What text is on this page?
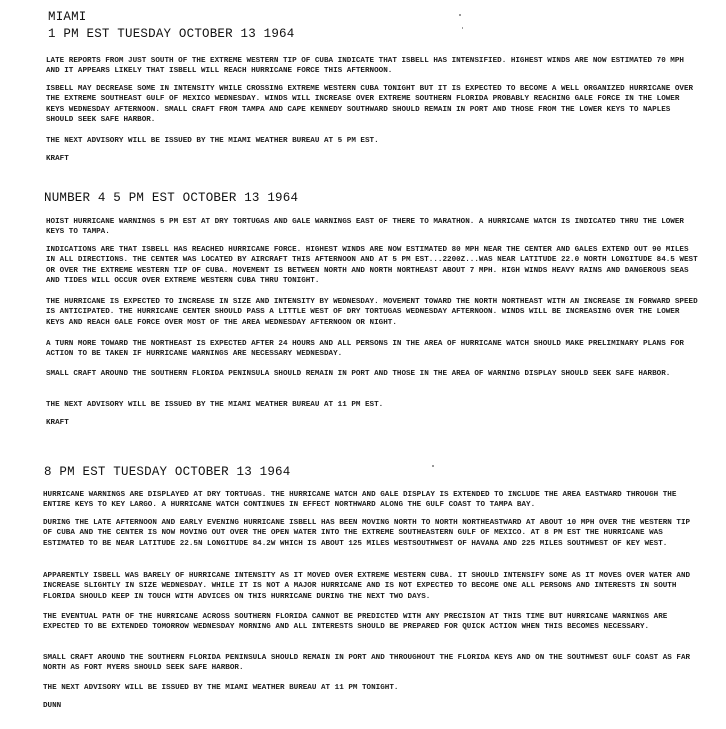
MIAMI
1 PM EST TUESDAY OCTOBER 13 1964

LATE REPORTS FROM JUST SOUTH OF THE EXTREME WESTERN TIP OF CUBA INDICATE THAT ISBELL HAS INTENSIFIED. HIGHEST WINDS ARE NOW ESTIMATED 70 MPH AND IT APPEARS LIKELY THAT ISBELL WILL REACH HURRICANE FORCE THIS AFTERNOON.

ISBELL MAY DECREASE SOME IN INTENSITY WHILE CROSSING EXTREME WESTERN CUBA TONIGHT BUT IT IS EXPECTED TO BECOME A WELL ORGANIZED HURRICANE OVER THE EXTREME SOUTHEAST GULF OF MEXICO WEDNESDAY. WINDS WILL INCREASE OVER EXTREME SOUTHERN FLORIDA PROBABLY REACHING GALE FORCE IN THE LOWER KEYS WEDNESDAY AFTERNOON. SMALL CRAFT FROM TAMPA AND CAPE KENNEDY SOUTHWARD SHOULD REMAIN IN PORT AND THOSE FROM THE LOWER KEYS TO NAPLES SHOULD SEEK SAFE HARBOR.

THE NEXT ADVISORY WILL BE ISSUED BY THE MIAMI WEATHER BUREAU AT 5 PM EST.

KRAFT
NUMBER 4 5 PM EST OCTOBER 13 1964

HOIST HURRICANE WARNINGS 5 PM EST AT DRY TORTUGAS AND GALE WARNINGS EAST OF THERE TO MARATHON. A HURRICANE WATCH IS INDICATED THRU THE LOWER KEYS TO TAMPA.

INDICATIONS ARE THAT ISBELL HAS REACHED HURRICANE FORCE. HIGHEST WINDS ARE NOW ESTIMATED 80 MPH NEAR THE CENTER AND GALES EXTEND OUT 90 MILES IN ALL DIRECTIONS. THE CENTER WAS LOCATED BY AIRCRAFT THIS AFTERNOON AND AT 5 PM EST...2200Z...WAS NEAR LATITUDE 22.0 NORTH LONGITUDE 84.5 WEST OR OVER THE EXTREME WESTERN TIP OF CUBA. MOVEMENT IS BETWEEN NORTH AND NORTH NORTHEAST ABOUT 7 MPH. HIGH WINDS HEAVY RAINS AND DANGEROUS SEAS AND TIDES WILL OCCUR OVER EXTREME WESTERN CUBA THRU TONIGHT.

THE HURRICANE IS EXPECTED TO INCREASE IN SIZE AND INTENSITY BY WEDNESDAY. MOVEMENT TOWARD THE NORTH NORTHEAST WITH AN INCREASE IN FORWARD SPEED IS ANTICIPATED. THE HURRICANE CENTER SHOULD PASS A LITTLE WEST OF DRY TORTUGAS WEDNESDAY AFTERNOON. WINDS WILL BE INCREASING OVER THE LOWER KEYS AND REACH GALE FORCE OVER MOST OF THE AREA WEDNESDAY AFTERNOON OR NIGHT.

A TURN MORE TOWARD THE NORTHEAST IS EXPECTED AFTER 24 HOURS AND ALL PERSONS IN THE AREA OF HURRICANE WATCH SHOULD MAKE PRELIMINARY PLANS FOR ACTION TO BE TAKEN IF HURRICANE WARNINGS ARE NECESSARY WEDNESDAY.

SMALL CRAFT AROUND THE SOUTHERN FLORIDA PENINSULA SHOULD REMAIN IN PORT AND THOSE IN THE AREA OF WARNING DISPLAY SHOULD SEEK SAFE HARBOR.

THE NEXT ADVISORY WILL BE ISSUED BY THE MIAMI WEATHER BUREAU AT 11 PM EST.

KRAFT
8 PM EST TUESDAY OCTOBER 13 1964

HURRICANE WARNINGS ARE DISPLAYED AT DRY TORTUGAS. THE HURRICANE WATCH AND GALE DISPLAY IS EXTENDED TO INCLUDE THE AREA EASTWARD THROUGH THE ENTIRE KEYS TO KEY LARGO. A HURRICANE WATCH CONTINUES IN EFFECT NORTHWARD ALONG THE GULF COAST TO TAMPA BAY.

DURING THE LATE AFTERNOON AND EARLY EVENING HURRICANE ISBELL HAS BEEN MOVING NORTH TO NORTH NORTHEASTWARD AT ABOUT 10 MPH OVER THE WESTERN TIP OF CUBA AND THE CENTER IS NOW MOVING OUT OVER THE OPEN WATER INTO THE EXTREME SOUTHEASTERN GULF OF MEXICO. AT 8 PM EST THE HURRICANE WAS ESTIMATED TO BE NEAR LATITUDE 22.5N LONGITUDE 84.2W WHICH IS ABOUT 125 MILES WESTSOUTHWEST OF HAVANA AND 225 MILES SOUTHWEST OF KEY WEST.

APPARENTLY ISBELL WAS BARELY OF HURRICANE INTENSITY AS IT MOVED OVER EXTREME WESTERN CUBA. IT SHOULD INTENSIFY SOME AS IT MOVES OVER WATER AND INCREASE SLIGHTLY IN SIZE WEDNESDAY. WHILE IT IS NOT A MAJOR HURRICANE AND IS NOT EXPECTED TO BECOME ONE ALL PERSONS AND INTERESTS IN SOUTH FLORIDA SHOULD KEEP IN TOUCH WITH ADVICES ON THIS HURRICANE DURING THE NEXT TWO DAYS.

THE EVENTUAL PATH OF THE HURRICANE ACROSS SOUTHERN FLORIDA CANNOT BE PREDICTED WITH ANY PRECISION AT THIS TIME BUT HURRICANE WARNINGS ARE EXPECTED TO BE EXTENDED TOMORROW WEDNESDAY MORNING AND ALL INTERESTS SHOULD BE PREPARED FOR QUICK ACTION WHEN THIS BECOMES NECESSARY.

SMALL CRAFT AROUND THE SOUTHERN FLORIDA PENINSULA SHOULD REMAIN IN PORT AND THROUGHOUT THE FLORIDA KEYS AND ON THE SOUTHWEST GULF COAST AS FAR NORTH AS FORT MYERS SHOULD SEEK SAFE HARBOR.

THE NEXT ADVISORY WILL BE ISSUED BY THE MIAMI WEATHER BUREAU AT 11 PM TONIGHT.

DUNN
